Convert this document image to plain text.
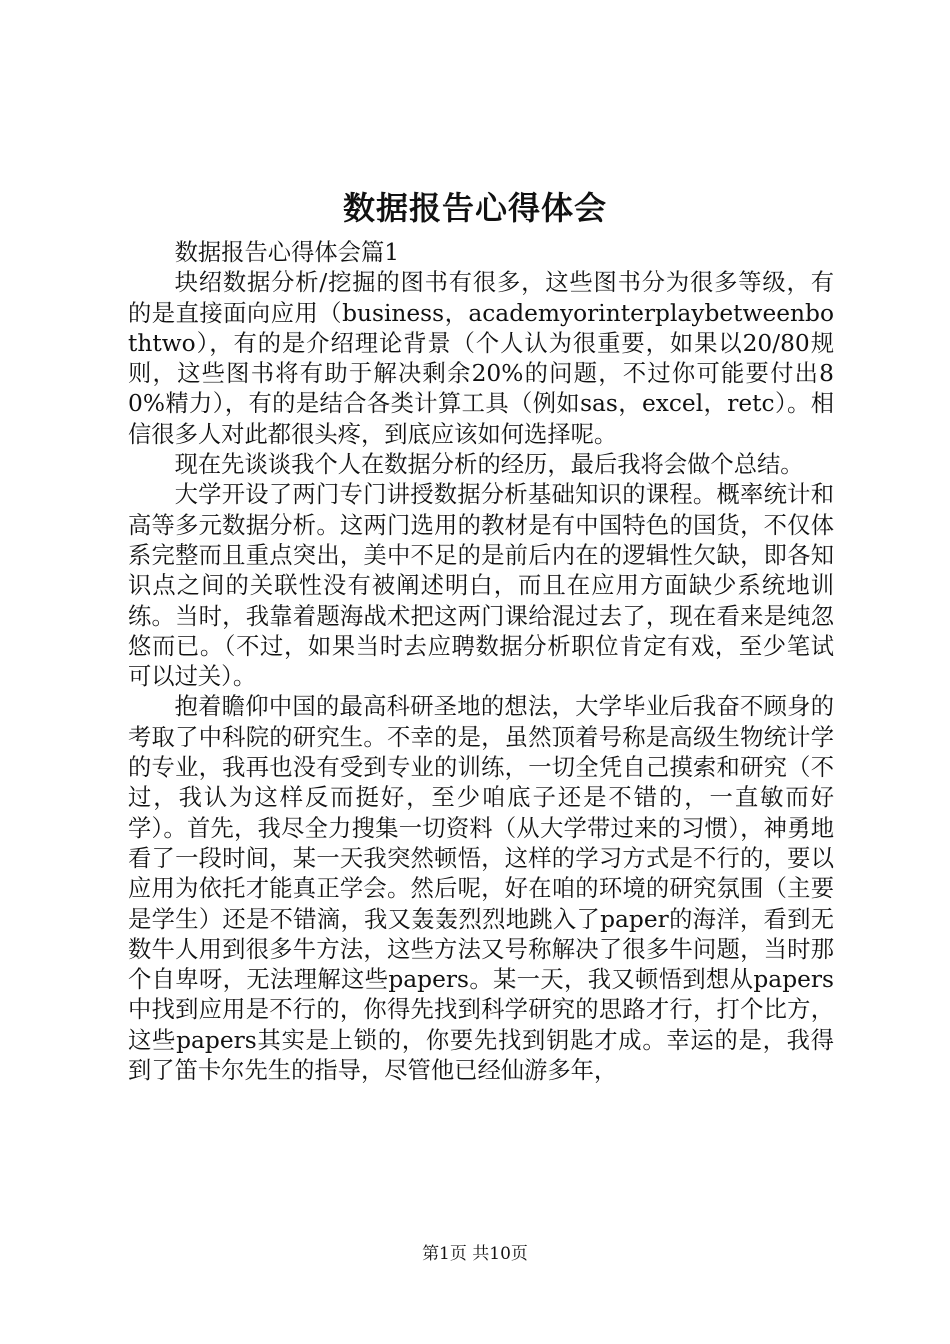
数据报告心得体会

数据报告心得体会篇1

块绍数据分析/挖掘的图书有很多，这些图书分为很多等级，有的是直接面向应用（business，academyorinterplaybetweenbothtwo），有的是介绍理论背景（个人认为很重要，如果以20/80规则，这些图书将有助于解决剩余20%的问题，不过你可能要付出80%精力），有的是结合各类计算工具（例如sas，excel，retc）。相信很多人对此都很头疼，到底应该如何选择呢。

现在先谈谈我个人在数据分析的经历，最后我将会做个总结。

大学开设了两门专门讲授数据分析基础知识的课程。概率统计和高等多元数据分析。这两门选用的教材是有中国特色的国货，不仅体系完整而且重点突出，美中不足的是前后内在的逻辑性欠缺，即各知识点之间的关联性没有被阐述明白，而且在应用方面缺少系统地训练。当时，我靠着题海战术把这两门课给混过去了，现在看来是纯忽悠而已。（不过，如果当时去应聘数据分析职位肯定有戏，至少笔试可以过关）。

抱着瞻仰中国的最高科研圣地的想法，大学毕业后我奋不顾身的考取了中科院的研究生。不幸的是，虽然顶着号称是高级生物统计学的专业，我再也没有受到专业的训练，一切全凭自己摸索和研究（不过，我认为这样反而挺好，至少咱底子还是不错的，一直敏而好学）。首先，我尽全力搜集一切资料（从大学带过来的习惯），神勇地看了一段时间，某一天我突然顿悟，这样的学习方式是不行的，要以应用为依托才能真正学会。然后呢，好在咱的环境的研究氛围（主要是学生）还是不错滴，我又轰轰烈烈地跳入了paper的海洋，看到无数牛人用到很多牛方法，这些方法又号称解决了很多牛问题，当时那个自卑呀，无法理解这些papers。某一天，我又顿悟到想从papers中找到应用是不行的，你得先找到科学研究的思路才行，打个比方，这些papers其实是上锁的，你要先找到钥匙才成。幸运的是，我得到了笛卡尔先生的指导，尽管他已经仙游多年，

第1页 共10页
